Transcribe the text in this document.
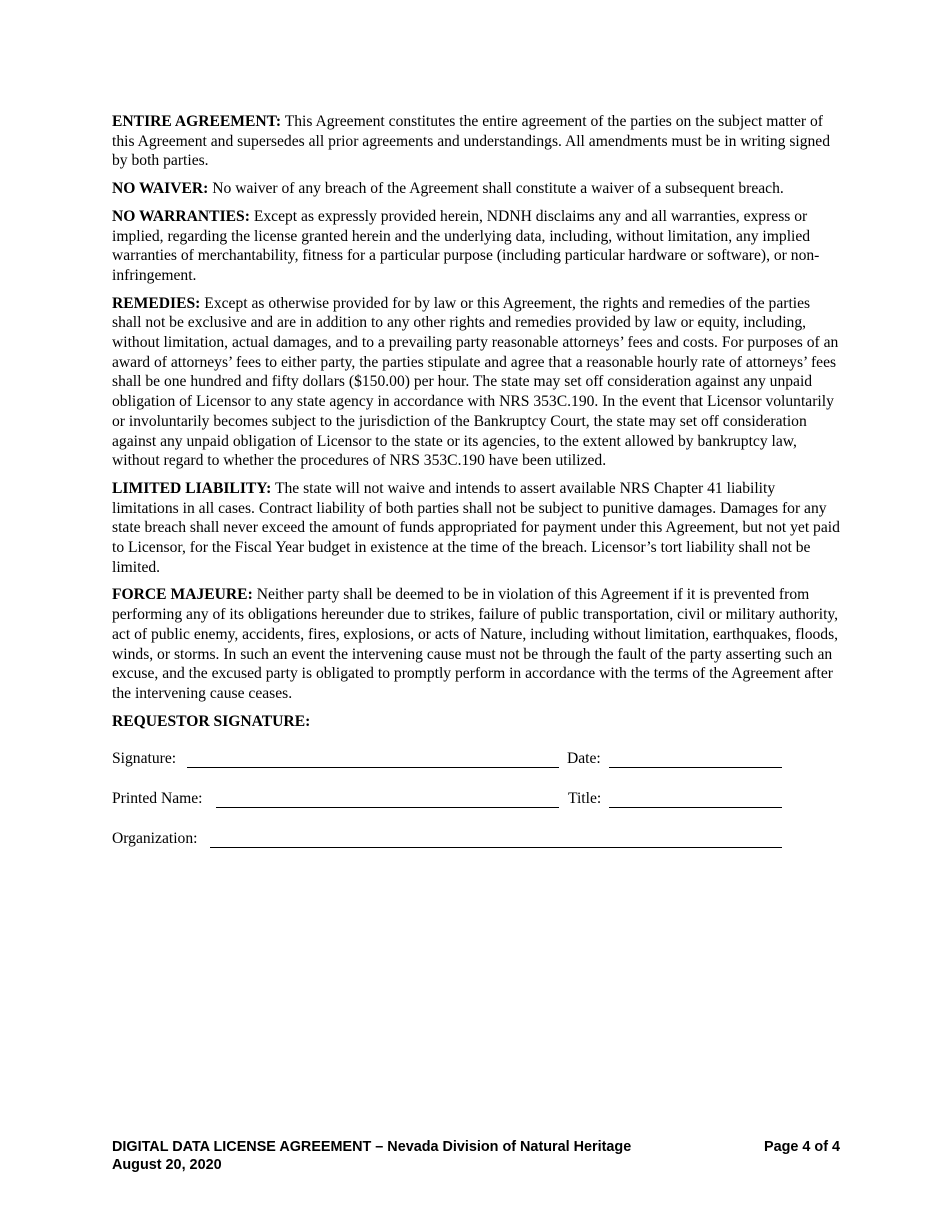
ENTIRE AGREEMENT: This Agreement constitutes the entire agreement of the parties on the subject matter of this Agreement and supersedes all prior agreements and understandings. All amendments must be in writing signed by both parties.

NO WAIVER: No waiver of any breach of the Agreement shall constitute a waiver of a subsequent breach.

NO WARRANTIES: Except as expressly provided herein, NDNH disclaims any and all warranties, express or implied, regarding the license granted herein and the underlying data, including, without limitation, any implied warranties of merchantability, fitness for a particular purpose (including particular hardware or software), or non-infringement.

REMEDIES: Except as otherwise provided for by law or this Agreement, the rights and remedies of the parties shall not be exclusive and are in addition to any other rights and remedies provided by law or equity, including, without limitation, actual damages, and to a prevailing party reasonable attorneys’ fees and costs. For purposes of an award of attorneys’ fees to either party, the parties stipulate and agree that a reasonable hourly rate of attorneys’ fees shall be one hundred and fifty dollars ($150.00) per hour. The state may set off consideration against any unpaid obligation of Licensor to any state agency in accordance with NRS 353C.190. In the event that Licensor voluntarily or involuntarily becomes subject to the jurisdiction of the Bankruptcy Court, the state may set off consideration against any unpaid obligation of Licensor to the state or its agencies, to the extent allowed by bankruptcy law, without regard to whether the procedures of NRS 353C.190 have been utilized.

LIMITED LIABILITY: The state will not waive and intends to assert available NRS Chapter 41 liability limitations in all cases. Contract liability of both parties shall not be subject to punitive damages. Damages for any state breach shall never exceed the amount of funds appropriated for payment under this Agreement, but not yet paid to Licensor, for the Fiscal Year budget in existence at the time of the breach. Licensor’s tort liability shall not be limited.

FORCE MAJEURE: Neither party shall be deemed to be in violation of this Agreement if it is prevented from performing any of its obligations hereunder due to strikes, failure of public transportation, civil or military authority, act of public enemy, accidents, fires, explosions, or acts of Nature, including without limitation, earthquakes, floods, winds, or storms. In such an event the intervening cause must not be through the fault of the party asserting such an excuse, and the excused party is obligated to promptly perform in accordance with the terms of the Agreement after the intervening cause ceases.

REQUESTOR SIGNATURE:
Signature:	Date:
Printed Name:	Title:
Organization:
DIGITAL DATA LICENSE AGREEMENT – Nevada Division of Natural Heritage
August 20, 2020
Page 4 of 4
